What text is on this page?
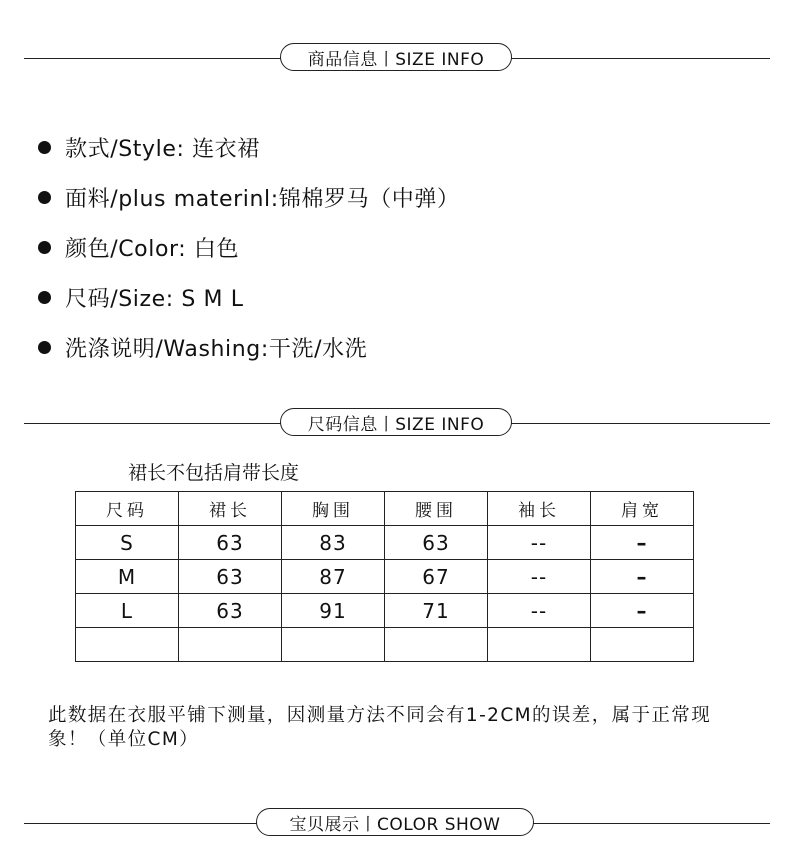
商品信息丨SIZE INFO
款式/Style: 连衣裙
面料/plus materinl:锦棉罗马（中弹）
颜色/Color: 白色
尺码/Size: S M L
洗涤说明/Washing:干洗/水洗
尺码信息丨SIZE INFO
裙长不包括肩带长度
尺码	裙长	胸围	腰围	袖长	肩宽
S	63	83	63	--	–
M	63	87	67	--	–
L	63	91	71	--	–

此数据在衣服平铺下测量，因测量方法不同会有1-2CM的误差，属于正常现象！（单位CM）

宝贝展示丨COLOR SHOW
